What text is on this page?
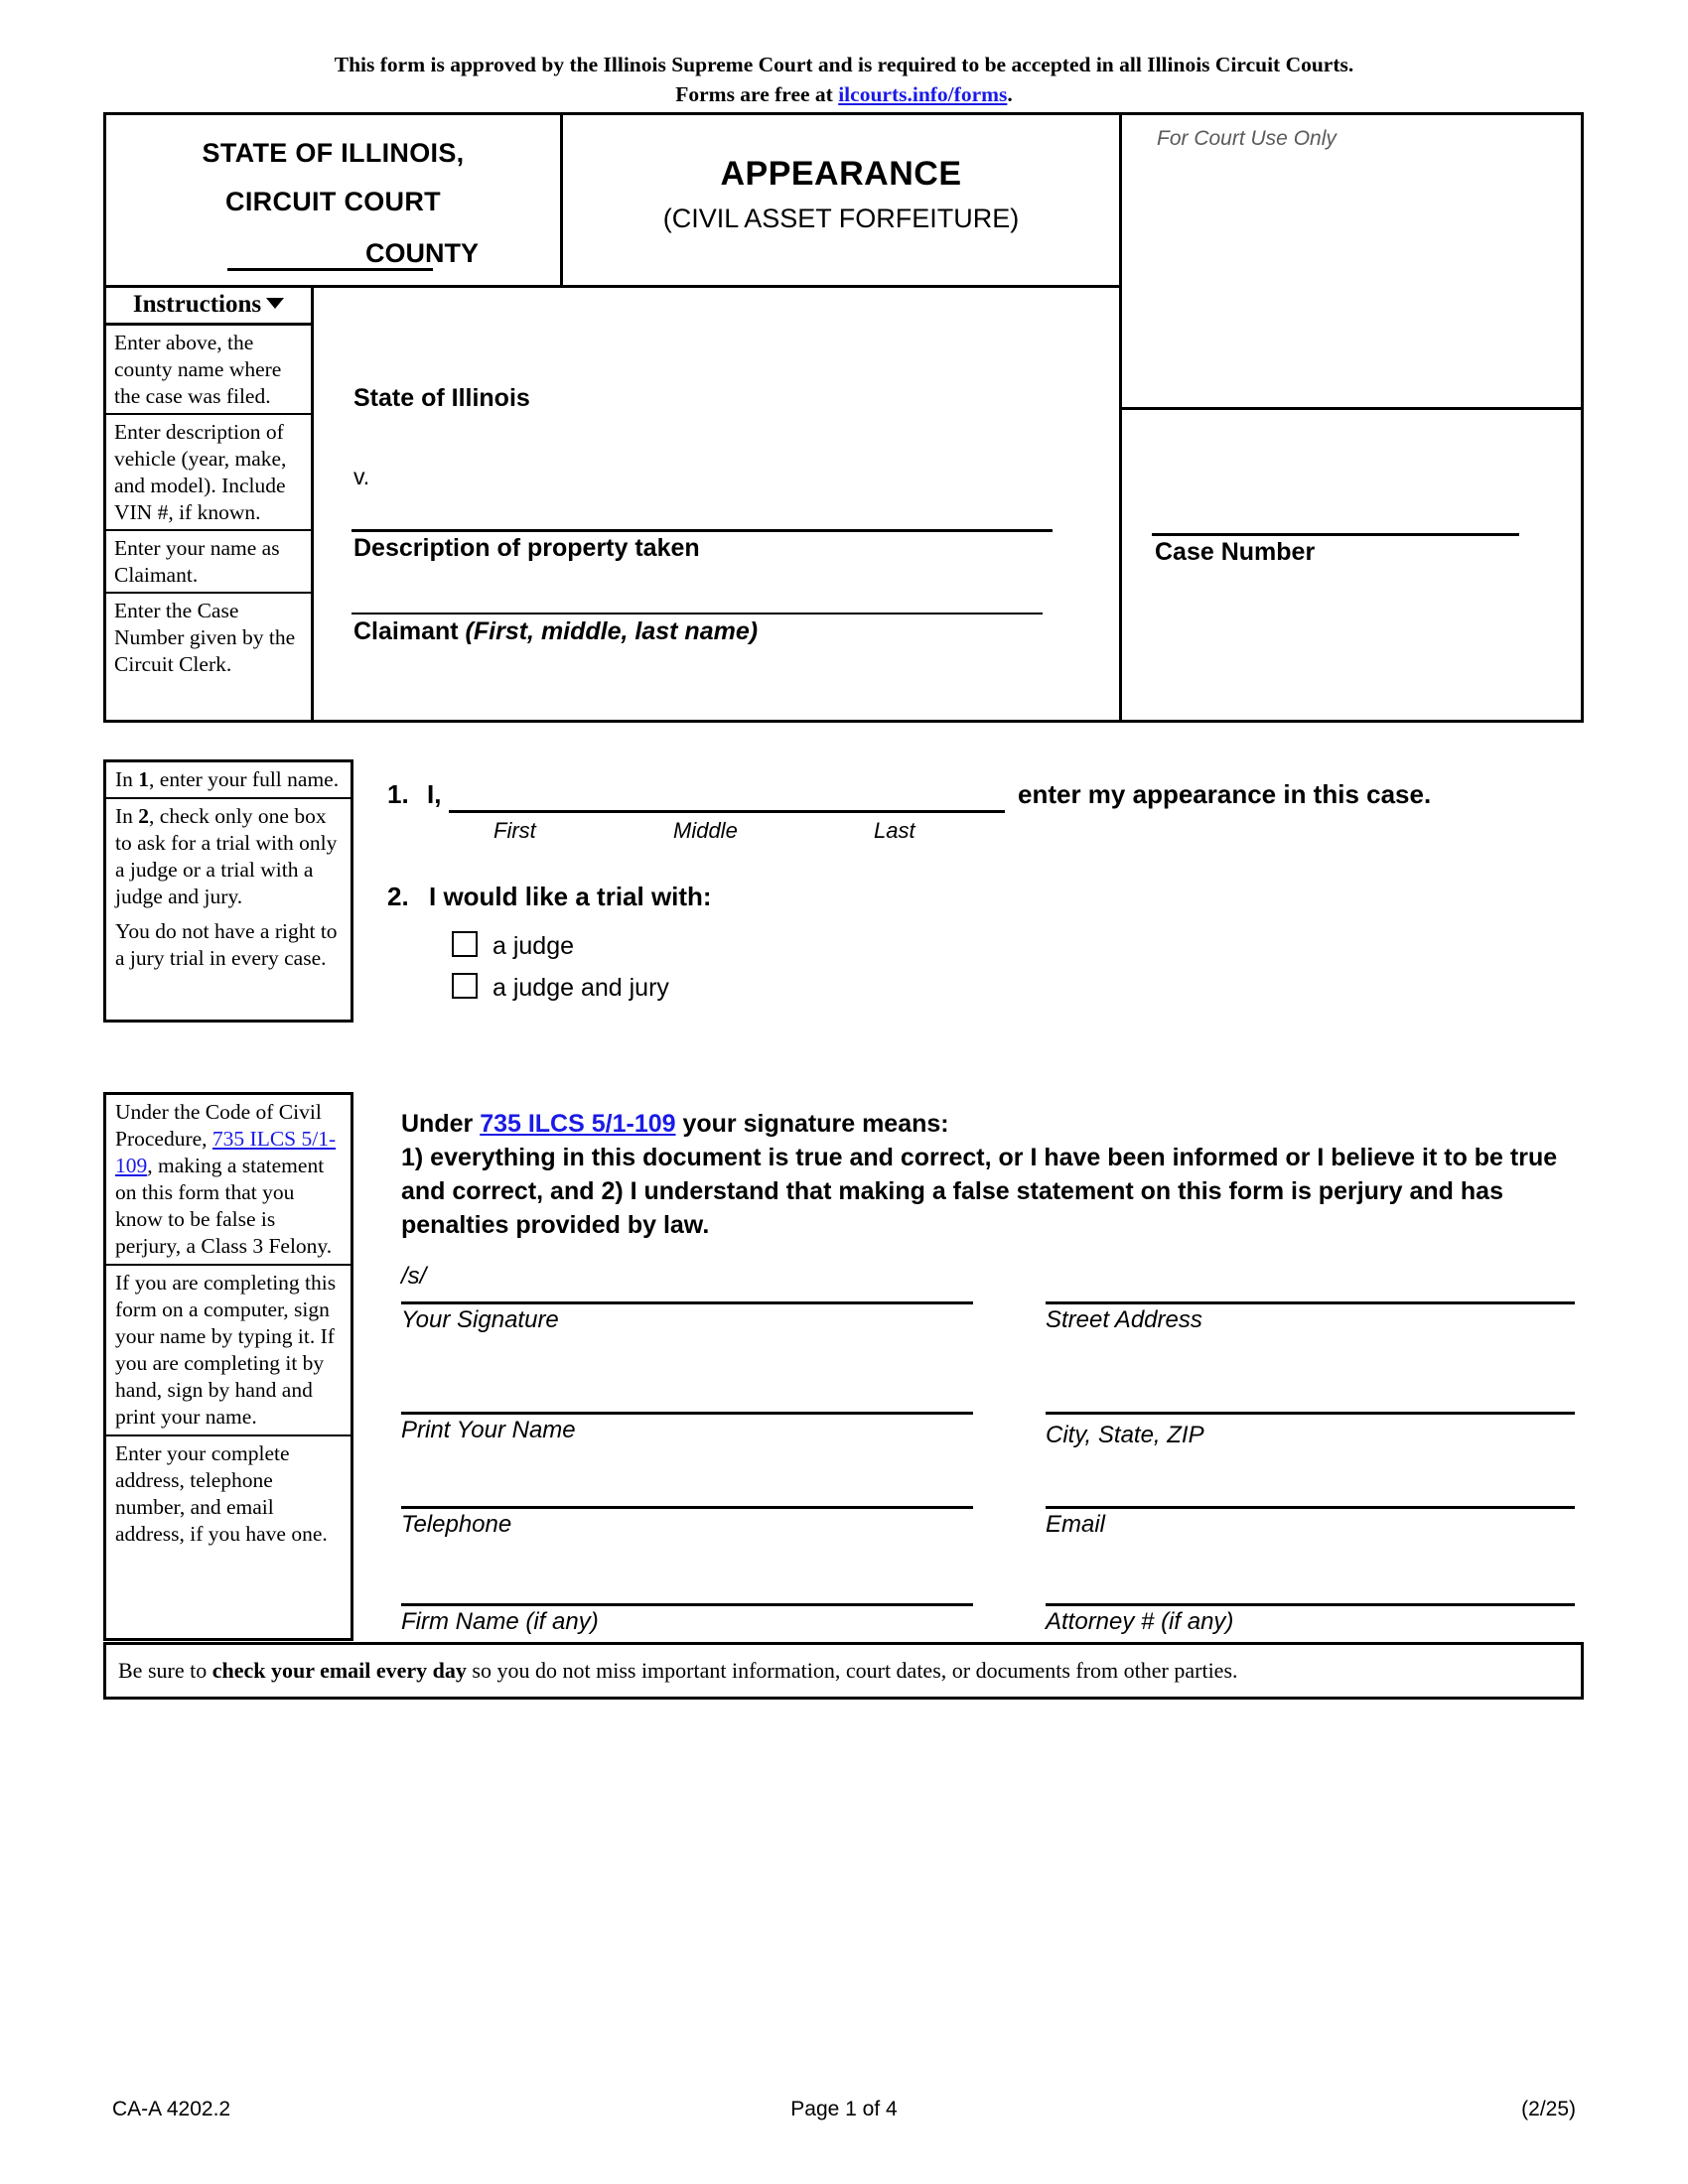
This form is approved by the Illinois Supreme Court and is required to be accepted in all Illinois Circuit Courts.
Forms are free at ilcourts.info/forms.
STATE OF ILLINOIS,
CIRCUIT COURT
COUNTY
APPEARANCE
(CIVIL ASSET FORFEITURE)
For Court Use Only
Instructions
Enter above, the county name where the case was filed.
Enter description of vehicle (year, make, and model). Include VIN #, if known.
Enter your name as Claimant.
Enter the Case Number given by the Circuit Clerk.
State of Illinois
v.
Description of property taken
Claimant (First, middle, last name)
Case Number

In 1, enter your full name.

In 2, check only one box to ask for a trial with only a judge or a trial with a judge and jury.

You do not have a right to a jury trial in every case.

Under the Code of Civil Procedure, 735 ILCS 5/1-109, making a statement on this form that you know to be false is perjury, a Class 3 Felony.

If you are completing this form on a computer, sign your name by typing it. If you are completing it by hand, sign by hand and print your name.

Enter your complete address, telephone number, and email address, if you have one.

1. I,	enter my appearance in this case.
First	Middle	Last
2. I would like a trial with:
a judge
a judge and jury
Under 735 ILCS 5/1-109 your signature means:
1) everything in this document is true and correct, or I have been informed or I believe it to be true and correct, and 2) I understand that making a false statement on this form is perjury and has penalties provided by law.
/s/
Your Signature	Street Address
Print Your Name	City, State, ZIP
Telephone	Email
Firm Name (if any)	Attorney # (if any)
Be sure to check your email every day so you do not miss important information, court dates, or documents from other parties.
CA-A 4202.2	Page 1 of 4	(2/25)
